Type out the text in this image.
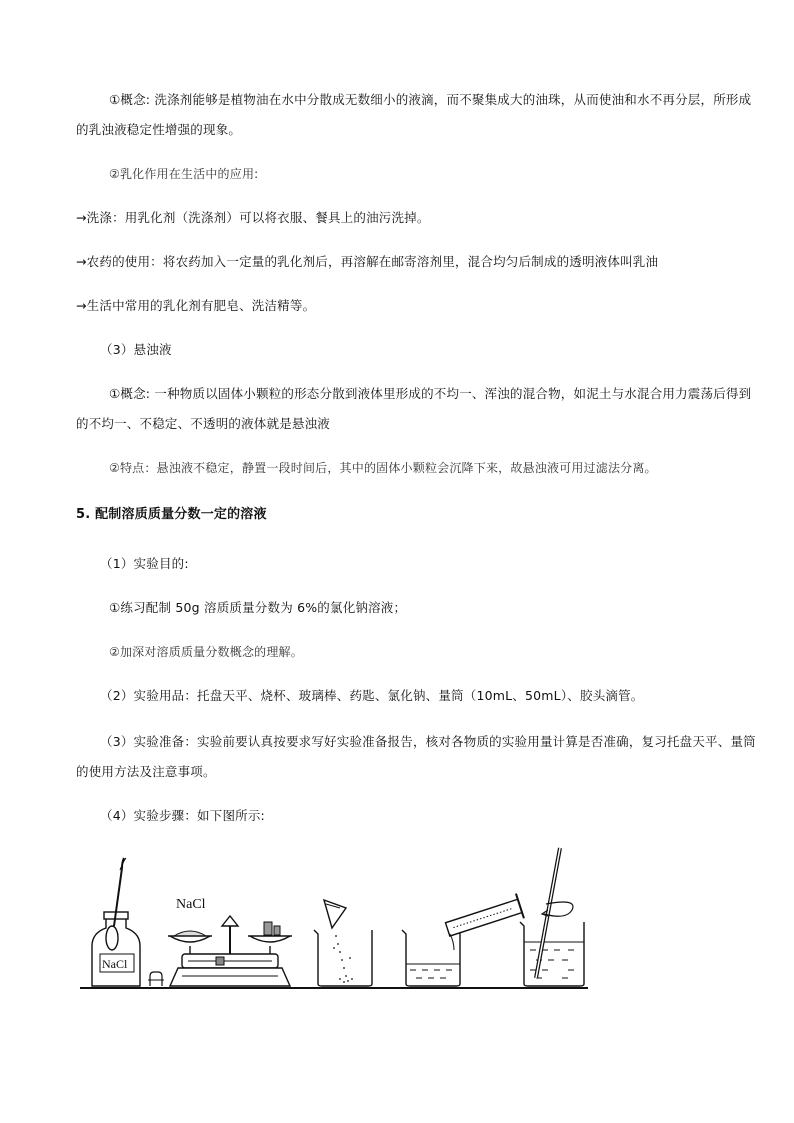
①概念: 洗涤剂能够是植物油在水中分散成无数细小的液滴，而不聚集成大的油珠，从而使油和水不再分层，所形成
的乳浊液稳定性增强的现象。
②乳化作用在生活中的应用:
→洗涤：用乳化剂（洗涤剂）可以将衣服、餐具上的油污洗掉。
→农药的使用：将农药加入一定量的乳化剂后，再溶解在邮寄溶剂里，混合均匀后制成的透明液体叫乳油
→生活中常用的乳化剂有肥皂、洗洁精等。
（3）悬浊液
①概念: 一种物质以固体小颗粒的形态分散到液体里形成的不均一、浑浊的混合物，如泥土与水混合用力震荡后得到
的不均一、不稳定、不透明的液体就是悬浊液
②特点：悬浊液不稳定，静置一段时间后，其中的固体小颗粒会沉降下来，故悬浊液可用过滤法分离。
5. 配制溶质质量分数一定的溶液
（1）实验目的:
①练习配制 50g 溶质质量分数为 6%的氯化钠溶液；
②加深对溶质质量分数概念的理解。
（2）实验用品：托盘天平、烧杯、玻璃棒、药匙、氯化钠、量筒（10mL、50mL）、胶头滴管。
（3）实验准备：实验前要认真按要求写好实验准备报告，核对各物质的实验用量计算是否准确，复习托盘天平、量筒
的使用方法及注意事项。
（4）实验步骤：如下图所示:
NaCl
NaCl
